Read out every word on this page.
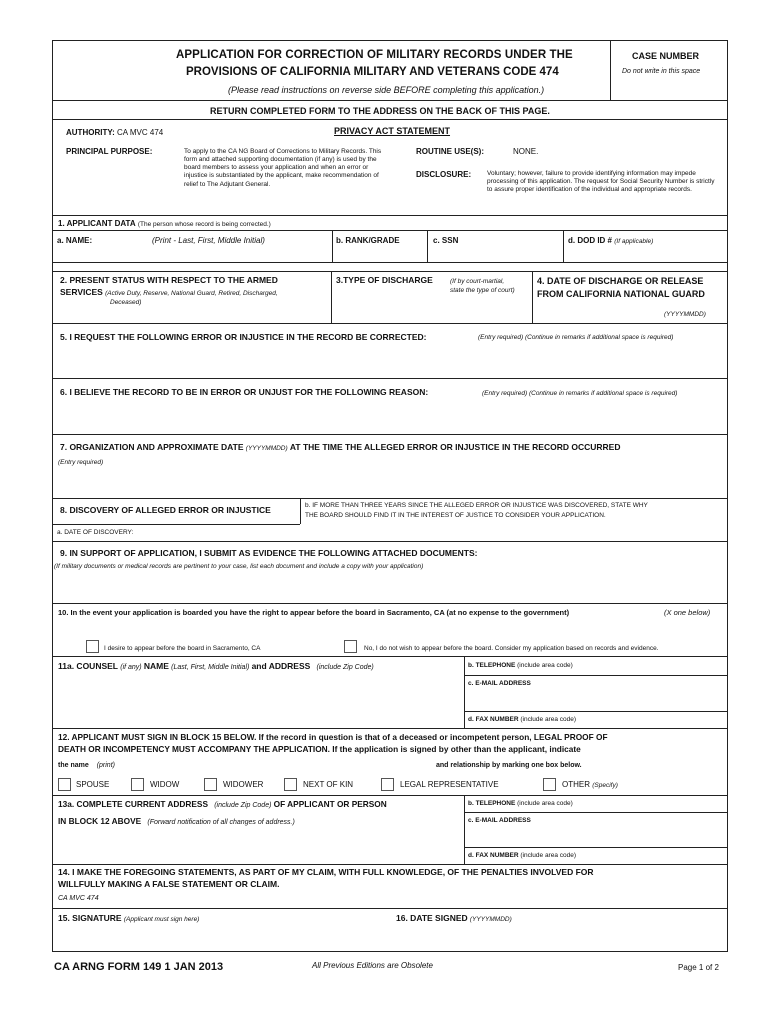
APPLICATION FOR CORRECTION OF MILITARY RECORDS UNDER THE
PROVISIONS OF CALIFORNIA MILITARY AND VETERANS CODE 474
(Please read instructions on reverse side BEFORE completing this application.)
CASE NUMBER
Do not write in this space
RETURN COMPLETED FORM TO THE ADDRESS ON THE BACK OF THIS PAGE.
AUTHORITY: CA MVC 474	PRIVACY ACT STATEMENT
PRINCIPAL PURPOSE:	To apply to the CA NG Board of Corrections to Military Records. This form and attached supporting documentation (if any) is used by the board members to assess your application and when an error or injustice is substantiated by the applicant, make recommendation of relief to The Adjutant General.
ROUTINE USE(S):	NONE.
DISCLOSURE: Voluntary; however, failure to provide identifying information may impede processing of this application. The request for Social Security Number is strictly to assure proper identification of the individual and appropriate records.
1. APPLICANT DATA (The person whose record is being corrected.)
a. NAME:	(Print - Last, First, Middle Initial)	b. RANK/GRADE	c. SSN	d. DOD ID # (If applicable)
2. PRESENT STATUS WITH RESPECT TO THE ARMED
SERVICES (Active Duty, Reserve, National Guard, Retired, Discharged,
Deceased)
3.TYPE OF DISCHARGE	(If by court-martial,
state the type of court)
4. DATE OF DISCHARGE OR RELEASE
FROM CALIFORNIA NATIONAL GUARD
(YYYYMMDD)
5. I REQUEST THE FOLLOWING ERROR OR INJUSTICE IN THE RECORD BE CORRECTED:	(Entry required) (Continue in remarks if additional space is required)
6. I BELIEVE THE RECORD TO BE IN ERROR OR UNJUST FOR THE FOLLOWING REASON:	(Entry required) (Continue in remarks if additional space is required)
7. ORGANIZATION AND APPROXIMATE DATE (YYYYMMDD) AT THE TIME THE ALLEGED ERROR OR INJUSTICE IN THE RECORD OCCURRED
(Entry required)
8. DISCOVERY OF ALLEGED ERROR OR INJUSTICE	b. IF MORE THAN THREE YEARS SINCE THE ALLEGED ERROR OR INJUSTICE WAS DISCOVERED, STATE WHY
THE BOARD SHOULD FIND IT IN THE INTEREST OF JUSTICE TO CONSIDER YOUR APPLICATION.
a. DATE OF DISCOVERY:
9. IN SUPPORT OF APPLICATION, I SUBMIT AS EVIDENCE THE FOLLOWING ATTACHED DOCUMENTS:
(If military documents or medical records are pertinent to your case, list each document and include a copy with your application)
10. In the event your application is boarded you have the right to appear before the board in Sacramento, CA (at no expense to the government)	(X one below)
I desire to appear before the board in Sacramento, CA	No, I do not wish to appear before the board. Consider my application based on records and evidence.
11a. COUNSEL (if any) NAME (Last, First, Middle Initial) and ADDRESS (include Zip Code)	b. TELEPHONE (include area code)
c. E-MAIL ADDRESS
d. FAX NUMBER (include area code)
12. APPLICANT MUST SIGN IN BLOCK 15 BELOW. If the record in question is that of a deceased or incompetent person, LEGAL PROOF OF
DEATH OR INCOMPETENCY MUST ACCOMPANY THE APPLICATION. If the application is signed by other than the applicant, indicate
the name (print)	and relationship by marking one box below.
SPOUSE	WIDOW	WIDOWER	NEXT OF KIN	LEGAL REPRESENTATIVE	OTHER (Specify)
13a. COMPLETE CURRENT ADDRESS (include Zip Code) OF APPLICANT OR PERSON
IN BLOCK 12 ABOVE (Forward notification of all changes of address.)
b. TELEPHONE (include area code)
c. E-MAIL ADDRESS
d. FAX NUMBER (include area code)
14. I MAKE THE FOREGOING STATEMENTS, AS PART OF MY CLAIM, WITH FULL KNOWLEDGE, OF THE PENALTIES INVOLVED FOR
WILLFULLY MAKING A FALSE STATEMENT OR CLAIM.
CA MVC 474
15. SIGNATURE (Applicant must sign here)	16. DATE SIGNED (YYYYMMDD)
CA ARNG FORM 149 1 JAN 2013	All Previous Editions are Obsolete	Page 1 of 2
